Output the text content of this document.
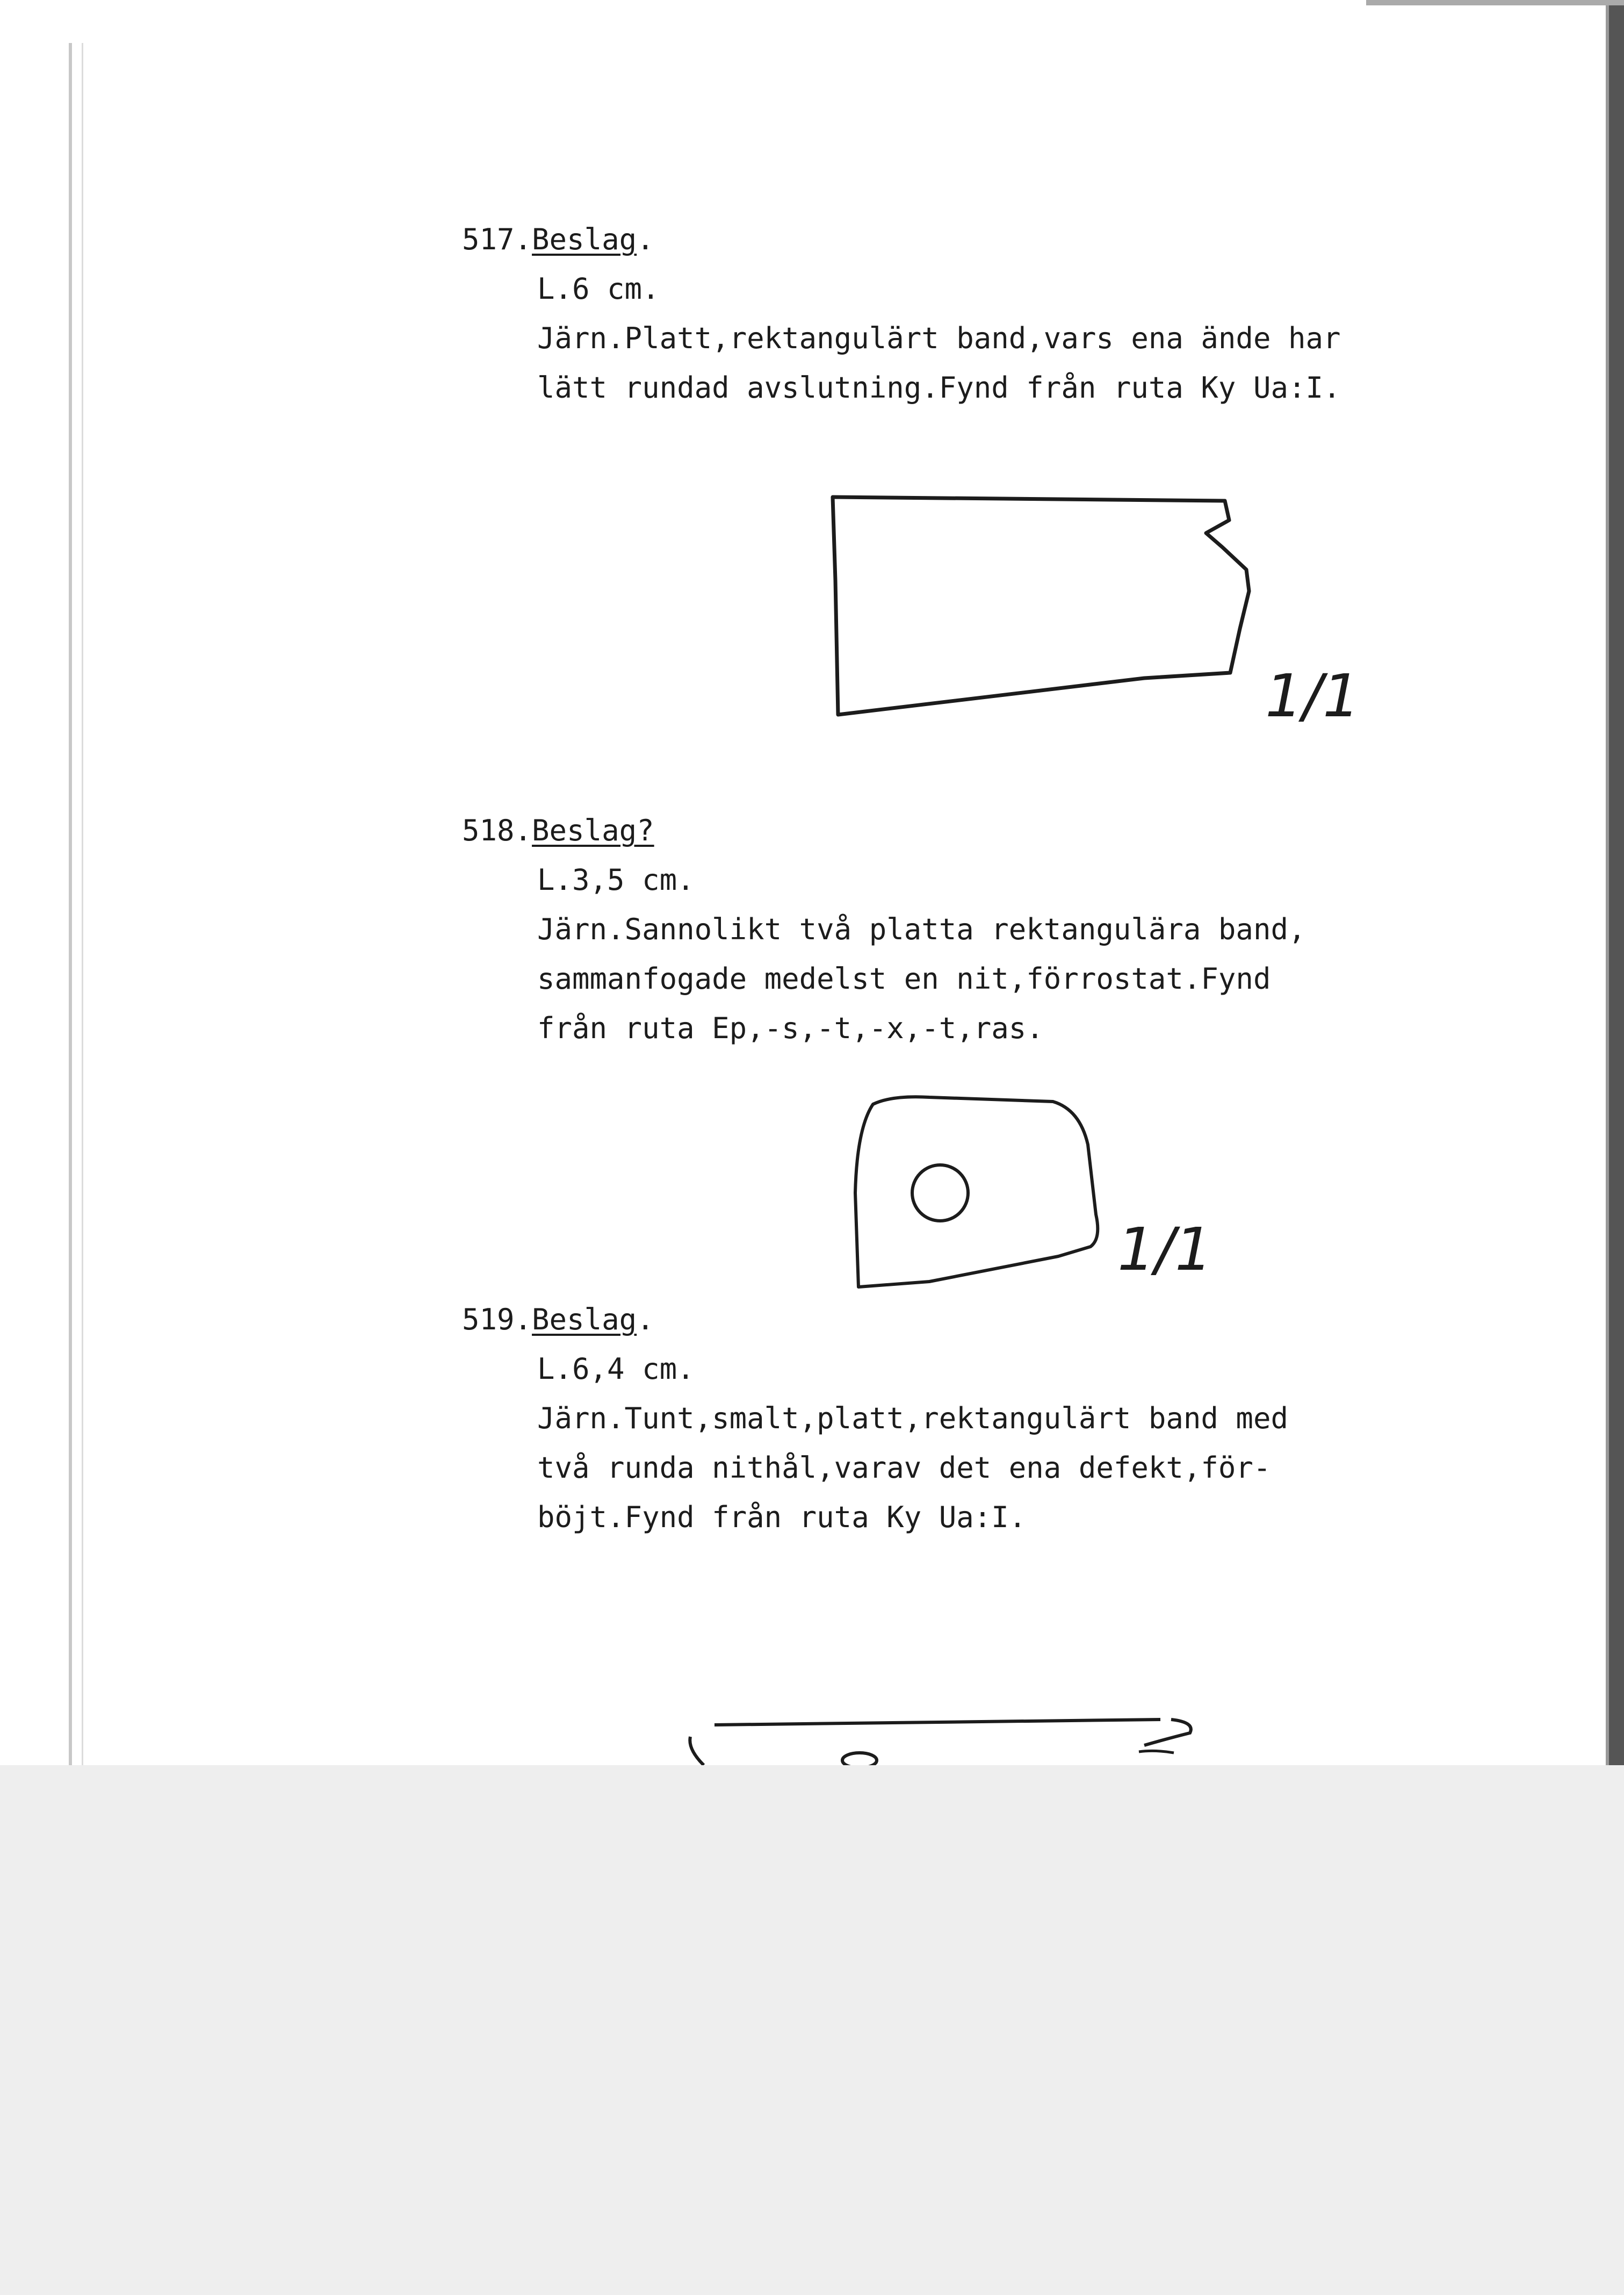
517.Beslag.
L.6 cm.
Järn.Platt,rektangulärt band,vars ena ände har
lätt rundad avslutning.Fynd från ruta Ky Ua:I.
1/1
518.Beslag?
L.3,5 cm.
Järn.Sannolikt två platta rektangulära band,
sammanfogade medelst en nit,förrostat.Fynd
från ruta Ep,-s,-t,-x,-t,ras.
1/1
519.Beslag.
L.6,4 cm.
Järn.Tunt,smalt,platt,rektangulärt band med
två runda nithål,varav det ena defekt,för-
böjt.Fynd från ruta Ky Ua:I.
